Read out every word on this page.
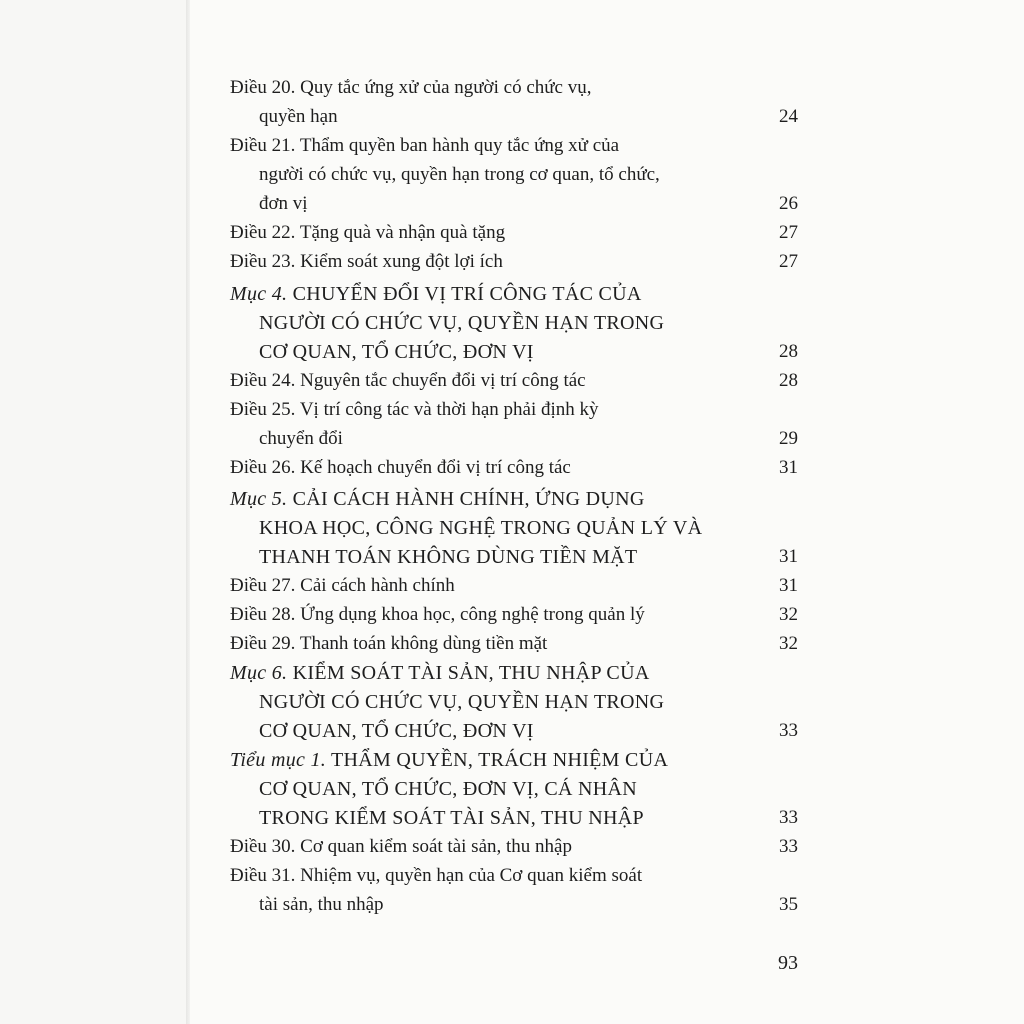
Điều 20. Quy tắc ứng xử của người có chức vụ,
quyền hạn	24
Điều 21. Thẩm quyền ban hành quy tắc ứng xử của
người có chức vụ, quyền hạn trong cơ quan, tổ chức,
đơn vị	26
Điều 22. Tặng quà và nhận quà tặng	27
Điều 23. Kiểm soát xung đột lợi ích	27
Mục 4. CHUYỂN ĐỔI VỊ TRÍ CÔNG TÁC CỦA
NGƯỜI CÓ CHỨC VỤ, QUYỀN HẠN TRONG
CƠ QUAN, TỔ CHỨC, ĐƠN VỊ	28
Điều 24. Nguyên tắc chuyển đổi vị trí công tác	28
Điều 25. Vị trí công tác và thời hạn phải định kỳ
chuyển đổi	29
Điều 26. Kế hoạch chuyển đổi vị trí công tác	31
Mục 5. CẢI CÁCH HÀNH CHÍNH, ỨNG DỤNG
KHOA HỌC, CÔNG NGHỆ TRONG QUẢN LÝ VÀ
THANH TOÁN KHÔNG DÙNG TIỀN MẶT	31
Điều 27. Cải cách hành chính	31
Điều 28. Ứng dụng khoa học, công nghệ trong quản lý	32
Điều 29. Thanh toán không dùng tiền mặt	32
Mục 6. KIỂM SOÁT TÀI SẢN, THU NHẬP CỦA
NGƯỜI CÓ CHỨC VỤ, QUYỀN HẠN TRONG
CƠ QUAN, TỔ CHỨC, ĐƠN VỊ	33
Tiểu mục 1. THẨM QUYỀN, TRÁCH NHIỆM CỦA
CƠ QUAN, TỔ CHỨC, ĐƠN VỊ, CÁ NHÂN
TRONG KIỂM SOÁT TÀI SẢN, THU NHẬP	33
Điều 30. Cơ quan kiểm soát tài sản, thu nhập	33
Điều 31. Nhiệm vụ, quyền hạn của Cơ quan kiểm soát
tài sản, thu nhập	35
93
